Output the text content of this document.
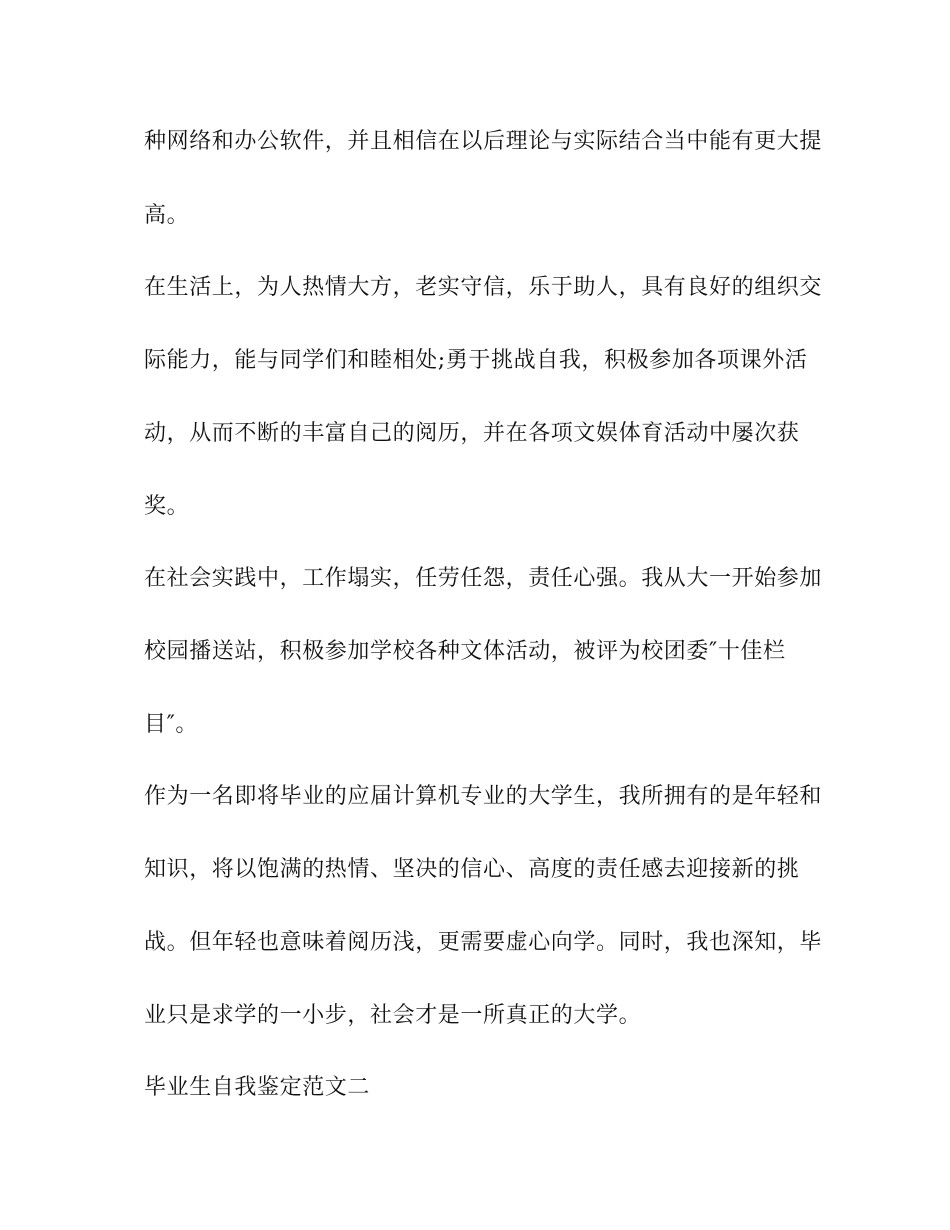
种网络和办公软件，并且相信在以后理论与实际结合当中能有更大提

高。

在生活上，为人热情大方，老实守信，乐于助人，具有良好的组织交

际能力，能与同学们和睦相处;勇于挑战自我，积极参加各项课外活

动，从而不断的丰富自己的阅历，并在各项文娱体育活动中屡次获

奖。

在社会实践中，工作塌实，任劳任怨，责任心强。我从大一开始参加

校园播送站，积极参加学校各种文体活动，被评为校团委″十佳栏

目″。

作为一名即将毕业的应届计算机专业的大学生，我所拥有的是年轻和

知识，将以饱满的热情、坚决的信心、高度的责任感去迎接新的挑

战。但年轻也意味着阅历浅，更需要虚心向学。同时，我也深知，毕

业只是求学的一小步，社会才是一所真正的大学。

毕业生自我鉴定范文二
